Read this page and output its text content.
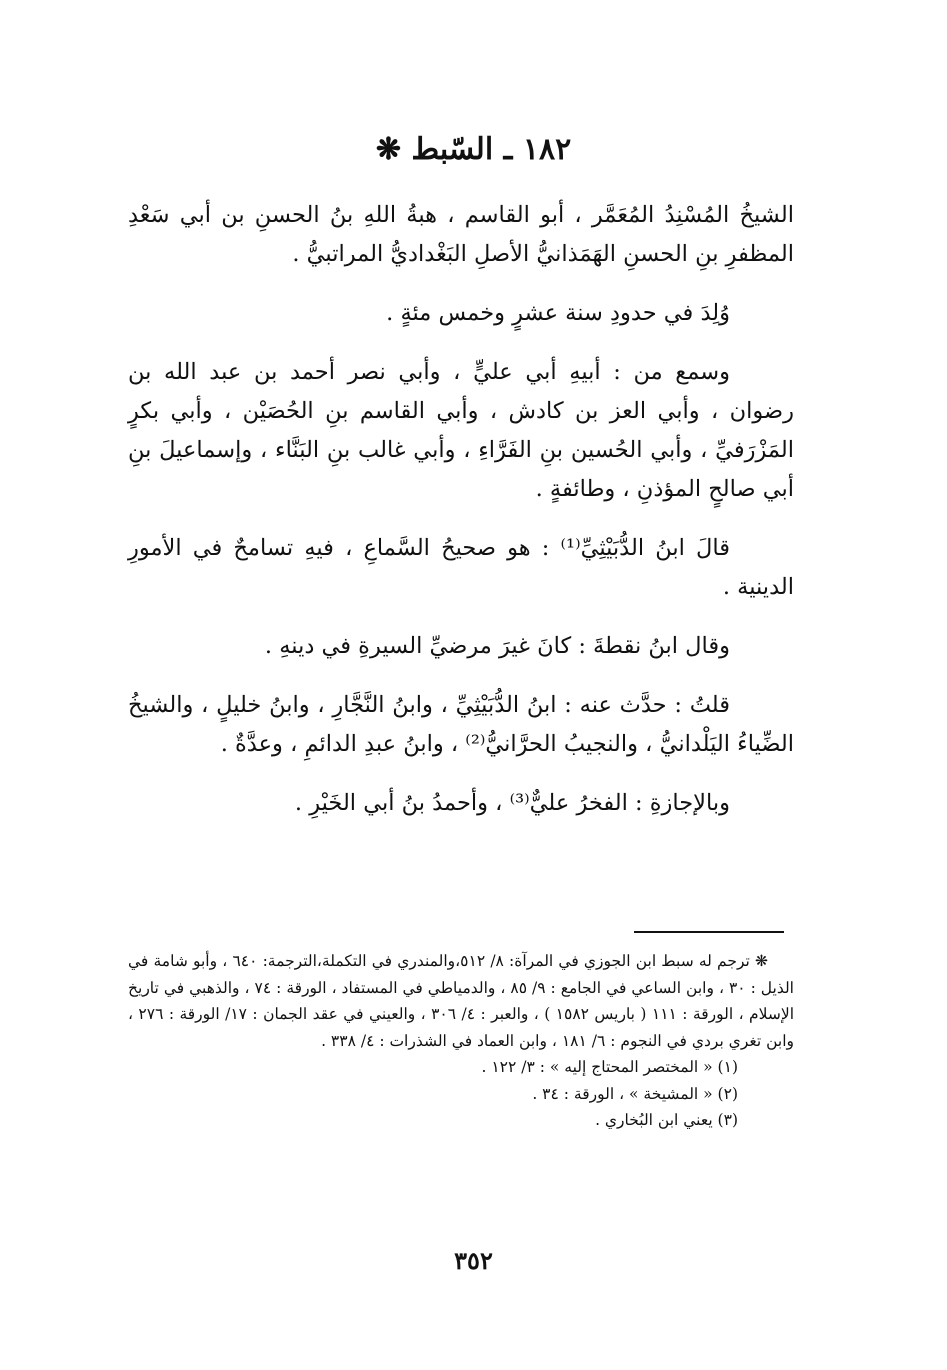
١٨٢ ـ السّبط ❋

الشيخُ المُسْنِدُ المُعَمَّر ، أبو القاسم ، هبةُ اللهِ بنُ الحسنِ بن أبي سَعْدِ المظفرِ بنِ الحسنِ الهَمَذانيُّ الأصلِ البَغْداديُّ المراتبيُّ .

وُلِدَ في حدودِ سنة عشرٍ وخمس مئةٍ .

وسمع من : أبيهِ أبي عليٍّ ، وأبي نصر أحمد بن عبد الله بن رضوان ، وأبي العز بن كادش ، وأبي القاسم بنِ الحُصَيْن ، وأبي بكرٍ المَزْرَفيِّ ، وأبي الحُسين بنِ الفَرَّاءِ ، وأبي غالب بنِ البَنَّاء ، وإسماعيلَ بنِ أبي صالحٍ المؤذنِ ، وطائفةٍ .

قالَ ابنُ الدُّبَيْثِيِّ⁽¹⁾ : هو صحيحُ السَّماعِ ، فيهِ تسامحٌ في الأمورِ الدينية .

وقال ابنُ نقطةَ : كانَ غيرَ مرضيِّ السيرةِ في دينهِ .

قلتُ : حدَّث عنه : ابنُ الدُّبَيْثِيِّ ، وابنُ النَّجَّارِ ، وابنُ خليلٍ ، والشيخُ الضِّياءُ اليَلْدانيُّ ، والنجيبُ الحرَّانيُّ⁽²⁾ ، وابنُ عبدِ الدائمِ ، وعدَّةٌ .

وبالإجازةِ : الفخرُ عليٌّ⁽³⁾ ، وأحمدُ بنُ أبي الخَيْرِ .

❋ ترجم له سبط ابن الجوزي في المرآة: ٨/ ٥١٢،والمندري في التكملة،الترجمة: ٦٤٠ ، وأبو شامة في الذيل : ٣٠ ، وابن الساعي في الجامع : ٩/ ٨٥ ، والدمياطي في المستفاد ، الورقة : ٧٤ ، والذهبي في تاريخ الإسلام ، الورقة : ١١١ ( باريس ١٥٨٢ ) ، والعبر : ٤/ ٣٠٦ ، والعيني في عقد الجمان : ١٧/ الورقة : ٢٧٦ ، وابن تغري بردي في النجوم : ٦/ ١٨١ ، وابن العماد في الشذرات : ٤/ ٣٣٨ .

(١) « المختصر المحتاج إليه » : ٣/ ١٢٢ .

(٢) « المشيخة » ، الورقة : ٣٤ .

(٣) يعني ابن البُخاري .

٣٥٢
